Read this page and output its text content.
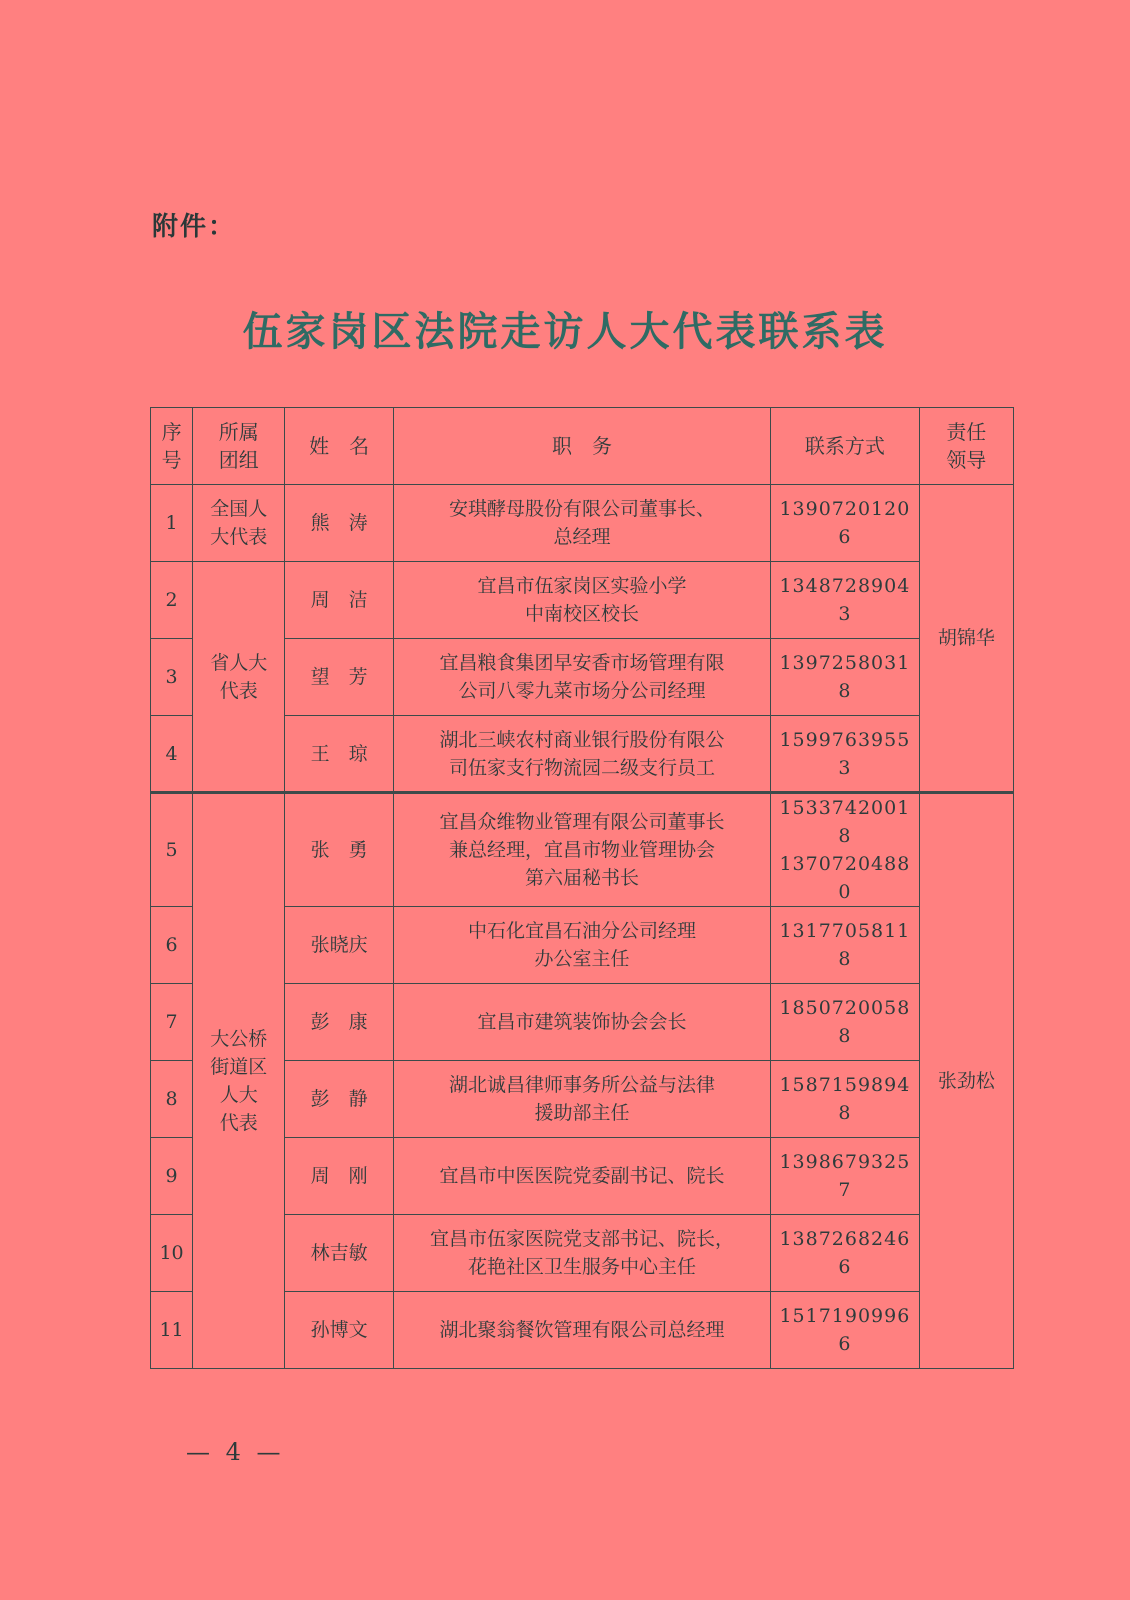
附件：
伍家岗区法院走访人大代表联系表
序
号	所属
团组	姓　名	职　务	联系方式	责任
领导
1	全国人
大代表	熊　涛	安琪酵母股份有限公司董事长、
总经理	13907201206	胡锦华
2	省人大
代表	周　洁	宜昌市伍家岗区实验小学
中南校区校长	13487289043	
3		望　芳	宜昌粮食集团早安香市场管理有限
公司八零九菜市场分公司经理	13972580318	
4		王　琼	湖北三峡农村商业银行股份有限公
司伍家支行物流园二级支行员工	15997639553	
5	大公桥
街道区
人大
代表	张　勇	宜昌众维物业管理有限公司董事长
兼总经理，宜昌市物业管理协会
第六届秘书长	15337420018
13707204880	张劲松
6		张晓庆	中石化宜昌石油分公司经理
办公室主任	13177058118	
7		彭　康	宜昌市建筑装饰协会会长	18507200588	
8		彭　静	湖北诚昌律师事务所公益与法律
援助部主任	15871598948	
9		周　刚	宜昌市中医医院党委副书记、院长	13986793257	
10		林吉敏	宜昌市伍家医院党支部书记、院长，
花艳社区卫生服务中心主任	13872682466	
11		孙博文	湖北聚翁餐饮管理有限公司总经理	15171909966	
— 4 —
